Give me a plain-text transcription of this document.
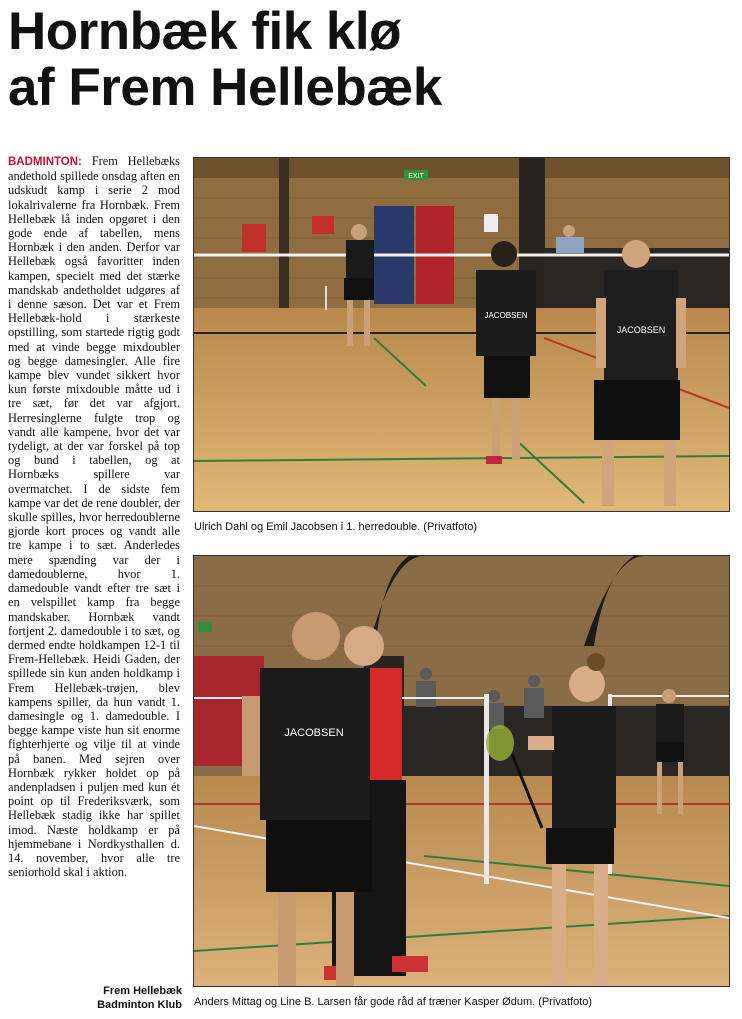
Hornbæk fik klø
af Frem Hellebæk
BADMINTON: Frem Hellebæks andethold spillede onsdag aften en udskudt kamp i serie 2 mod lokalrivalerne fra Hornbæk. Frem Hellebæk lå inden opgøret i den gode ende af tabellen, mens Hornbæk i den anden. Derfor var Hellebæk også favoritter inden kampen, specielt med det stærke mandskab andetholdet udgøres af i denne sæson. Det var et Frem Hellebæk-hold i stærkeste opstilling, som startede rigtig godt med at vinde begge mixdoubler og begge damesingler. Alle fire kampe blev vundet sikkert hvor kun første mixdouble måtte ud i tre sæt, før det var afgjort. Herresinglerne fulgte trop og vandt alle kampene, hvor det var tydeligt, at der var forskel på top og bund i tabellen, og at Hornbæks spillere var overmatchet. I de sidste fem kampe var det de rene doubler, der skulle spilles, hvor herredoublerne gjorde kort proces og vandt alle tre kampe i to sæt. Anderledes mere spænding var der i damedoublerne, hvor 1. damedouble vandt efter tre sæt i en velspillet kamp fra begge mandskaber. Hornbæk vandt fortjent 2. damedouble i to sæt, og dermed endte holdkampen 12-1 til Frem-Hellebæk. Heidi Gaden, der spillede sin kun anden holdkamp i Frem Hellebæk-trøjen, blev kampens spiller, da hun vandt 1. damesingle og 1. damedouble. I begge kampe viste hun sit enorme fighterhjerte og vilje til at vinde på banen. Med sejren over Hornbæk rykker holdet op på andenpladsen i puljen med kun ét point op til Frederiksværk, som Hellebæk stadig ikke har spillet imod. Næste holdkamp er på hjemmebane i Nordkysthallen d. 14. november, hvor alle tre seniorhold skal i aktion.
Frem Hellebæk
Badminton Klub
EXIT
JACOBSEN
JACOBSEN
Ulrich Dahl og Emil Jacobsen i 1. herredouble. (Privatfoto)
JACOBSEN
Anders Mittag og Line B. Larsen får gode råd af træner Kasper Ødum. (Privatfoto)
